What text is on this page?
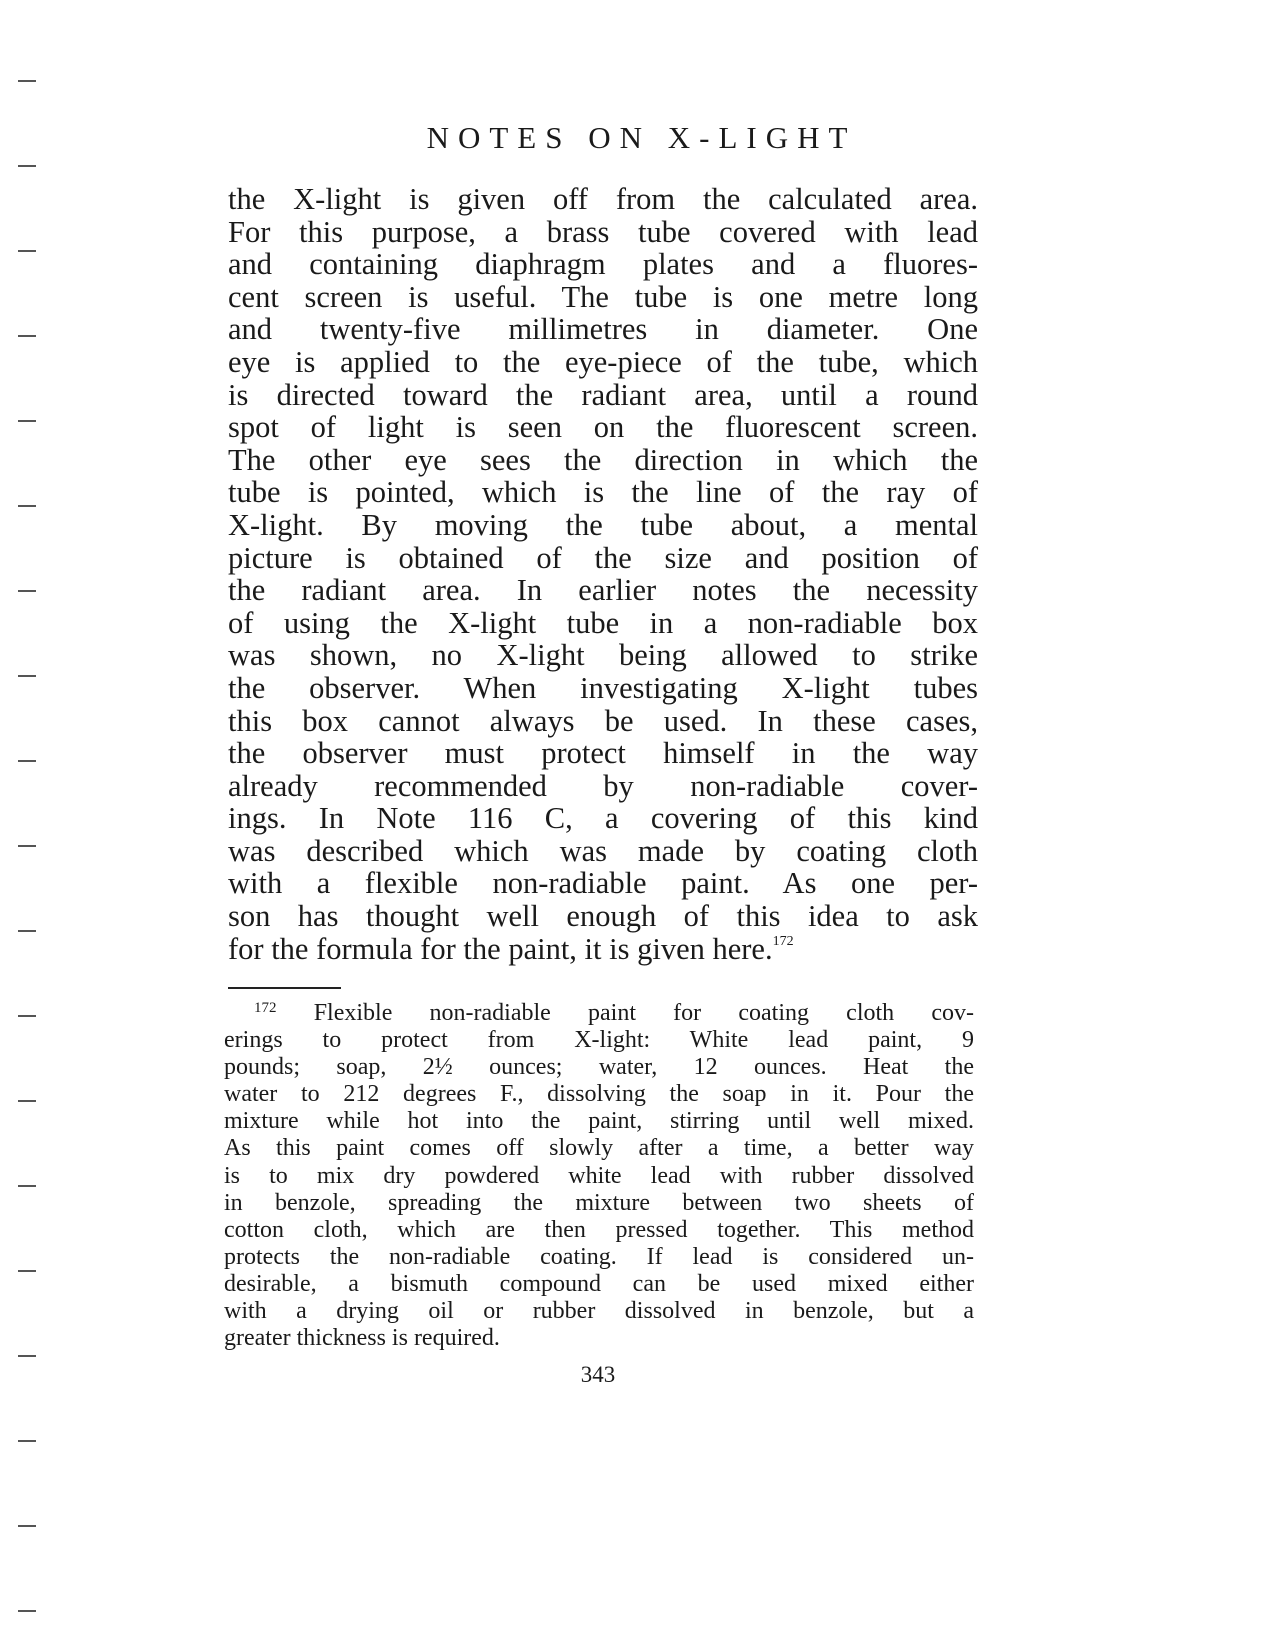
NOTES ON X-LIGHT
the X-light is given off from the calculated area.
For this purpose, a brass tube covered with lead
and containing diaphragm plates and a fluores-
cent screen is useful. The tube is one metre long
and twenty-five millimetres in diameter. One
eye is applied to the eye-piece of the tube, which
is directed toward the radiant area, until a round
spot of light is seen on the fluorescent screen.
The other eye sees the direction in which the
tube is pointed, which is the line of the ray of
X-light. By moving the tube about, a mental
picture is obtained of the size and position of
the radiant area. In earlier notes the necessity
of using the X-light tube in a non-radiable box
was shown, no X-light being allowed to strike
the observer. When investigating X-light tubes
this box cannot always be used. In these cases,
the observer must protect himself in the way
already recommended by non-radiable cover-
ings. In Note 116 C, a covering of this kind
was described which was made by coating cloth
with a flexible non-radiable paint. As one per-
son has thought well enough of this idea to ask
for the formula for the paint, it is given here.$^{172}$
$^{172}$ Flexible non-radiable paint for coating cloth cov-
erings to protect from X-light: White lead paint, 9
pounds; soap, 2½ ounces; water, 12 ounces. Heat the
water to 212 degrees F., dissolving the soap in it. Pour the
mixture while hot into the paint, stirring until well mixed.
As this paint comes off slowly after a time, a better way
is to mix dry powdered white lead with rubber dissolved
in benzole, spreading the mixture between two sheets of
cotton cloth, which are then pressed together. This method
protects the non-radiable coating. If lead is considered un-
desirable, a bismuth compound can be used mixed either
with a drying oil or rubber dissolved in benzole, but a
greater thickness is required.
343
